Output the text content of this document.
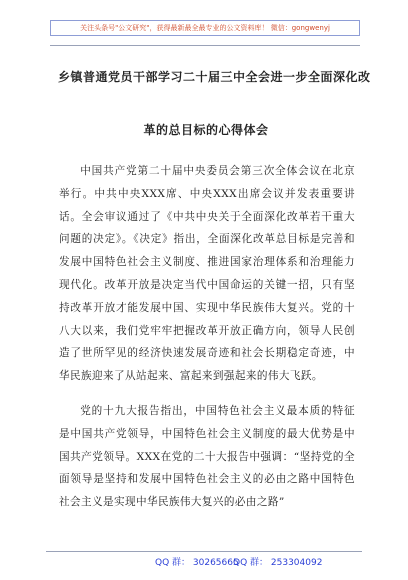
关注头条号"公文研究"，获得最新最全最专业的公文资料库！ 微信：gongwenyj
乡镇普通党员干部学习二十届三中全会进一步全面深化改
革的总目标的心得体会
中国共产党第二十届中央委员会第三次全体会议在北京举行。中共中央XXX席、中央XXX出席会议并发表重要讲话。全会审议通过了《中共中央关于全面深化改革若干重大问题的决定》。《决定》指出，全面深化改革总目标是完善和发展中国特色社会主义制度、推进国家治理体系和治理能力现代化。改革开放是决定当代中国命运的关键一招，只有坚持改革开放才能发展中国、实现中华民族伟大复兴。党的十八大以来，我们党牢牢把握改革开放正确方向，领导人民创造了世所罕见的经济快速发展奇迹和社会长期稳定奇迹，中华民族迎来了从站起来、富起来到强起来的伟大飞跃。
党的十九大报告指出，中国特色社会主义最本质的特征是中国共产党领导，中国特色社会主义制度的最大优势是中国共产党领导。XXX在党的二十大报告中强调：“坚持党的全面领导是坚持和发展中国特色社会主义的必由之路中国特色社会主义是实现中华民族伟大复兴的必由之路”
QQ 群： 30265665
QQ 群： 253304092
